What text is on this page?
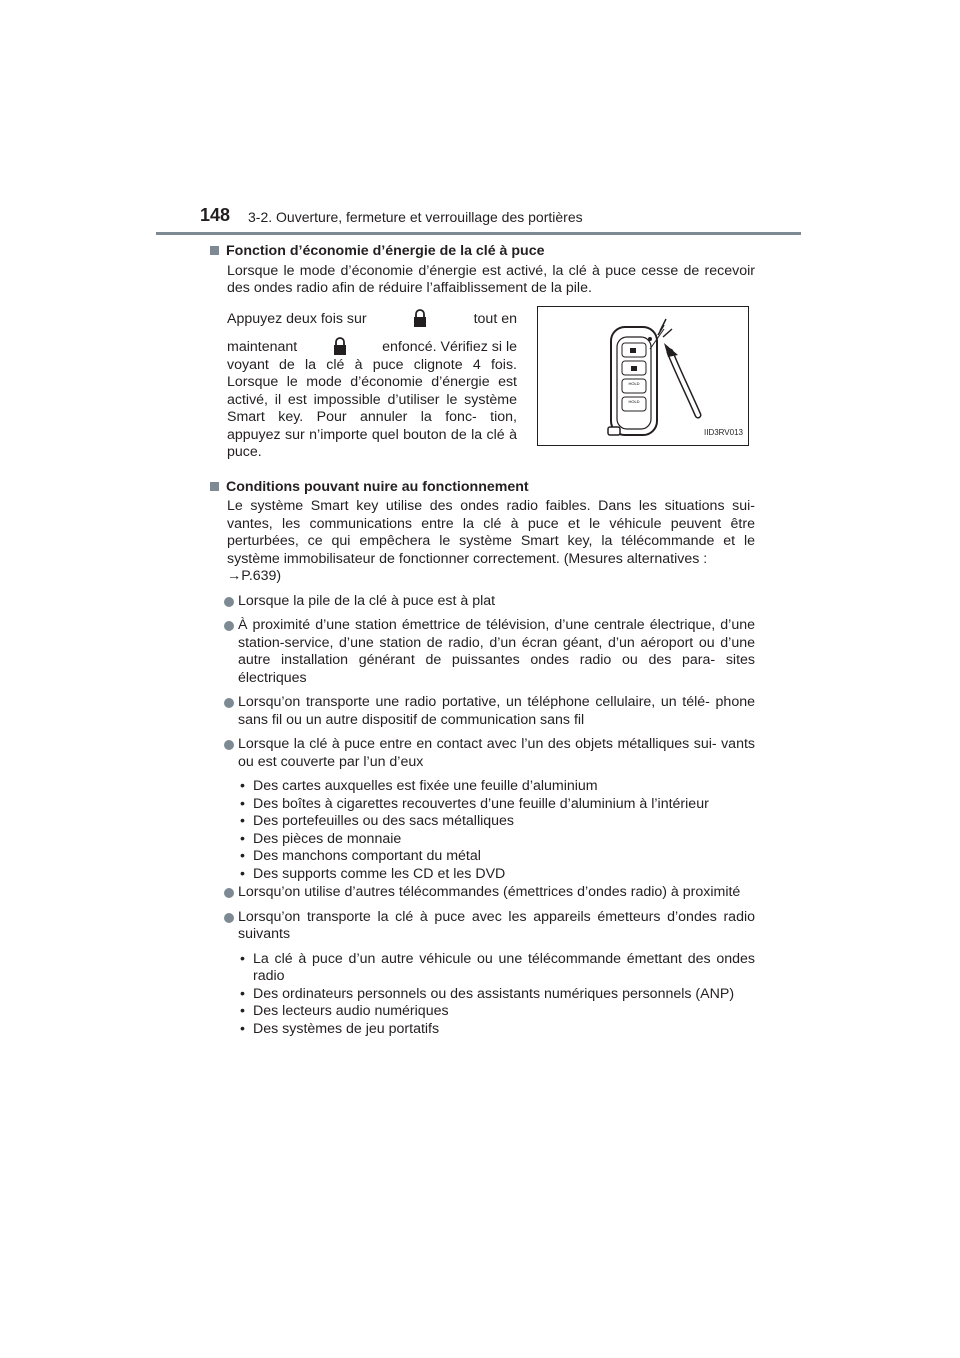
148 3-2. Ouverture, fermeture et verrouillage des portières
Fonction d’économie d’énergie de la clé à puce

Lorsque le mode d’économie d’énergie est activé, la clé à puce cesse de recevoir des ondes radio afin de réduire l’affaiblissement de la pile.

Appuyez deux fois sur	tout en
maintenant	enfoncé. Vérifiez si le
voyant de la clé à puce clignote 4 fois. Lorsque le mode d’économie d’énergie est activé, il est impossible d’utiliser le système Smart key. Pour annuler la fonc- tion, appuyez sur n’importe quel bouton de la clé à puce.
HOLD
HOLD
IID3RV013
Conditions pouvant nuire au fonctionnement

Le système Smart key utilise des ondes radio faibles. Dans les situations sui- vantes, les communications entre la clé à puce et le véhicule peuvent être perturbées, ce qui empêchera le système Smart key, la télécommande et le système immobilisateur de fonctionner correctement. (Mesures alternatives :
→P.639)

Lorsque la pile de la clé à puce est à plat
À proximité d’une station émettrice de télévision, d’une centrale électrique, d’une station-service, d’une station de radio, d’un écran géant, d’un aéroport ou d’une autre installation générant de puissantes ondes radio ou des para- sites électriques
Lorsqu’on transporte une radio portative, un téléphone cellulaire, un télé- phone sans fil ou un autre dispositif de communication sans fil
Lorsque la clé à puce entre en contact avec l’un des objets métalliques sui- vants ou est couverte par l’un d’eux
• Des cartes auxquelles est fixée une feuille d’aluminium
• Des boîtes à cigarettes recouvertes d’une feuille d’aluminium à l’intérieur
• Des portefeuilles ou des sacs métalliques
• Des pièces de monnaie
• Des manchons comportant du métal
• Des supports comme les CD et les DVD
Lorsqu’on utilise d’autres télécommandes (émettrices d’ondes radio) à proximité
Lorsqu’on transporte la clé à puce avec les appareils émetteurs d’ondes radio suivants
• La clé à puce d’un autre véhicule ou une télécommande émettant des ondes radio
• Des ordinateurs personnels ou des assistants numériques personnels (ANP)
• Des lecteurs audio numériques
• Des systèmes de jeu portatifs
